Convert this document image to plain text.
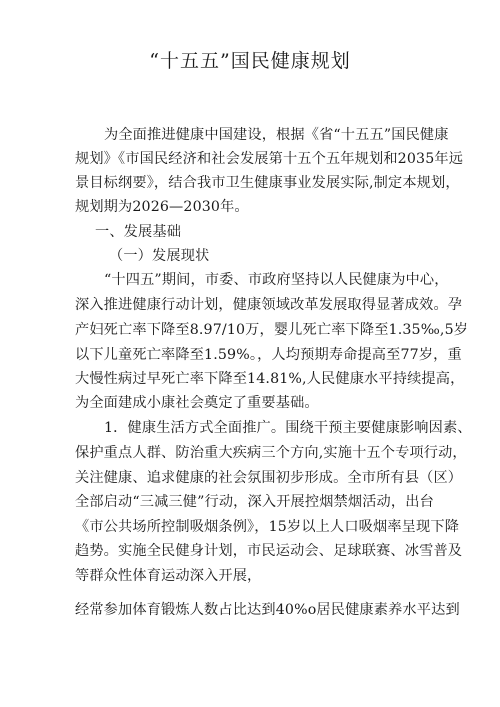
“十五五”国民健康规划
为全面推进健康中国建设，根据《省“十五五”国民健康
规划》《市国民经济和社会发展第十五个五年规划和2035年远
景目标纲要》，结合我市卫生健康事业发展实际,制定本规划，
规划期为2026—2030年。
一、发展基础
（一）发展现状
“十四五”期间，市委、市政府坚持以人民健康为中心，
深入推进健康行动计划，健康领域改革发展取得显著成效。孕
产妇死亡率下降至8.97/10万，婴儿死亡率下降至1.35‰,5岁
以下儿童死亡率降至1.59%。，人均预期寿命提高至77岁，重
大慢性病过早死亡率下降至14.81%,人民健康水平持续提高，
为全面建成小康社会奠定了重要基础。
1．健康生活方式全面推广。围绕干预主要健康影响因素、
保护重点人群、防治重大疾病三个方向,实施十五个专项行动，
关注健康、追求健康的社会氛围初步形成。全市所有县（区）
全部启动“三减三健”行动，深入开展控烟禁烟活动，出台
《市公共场所控制吸烟条例》，15岁以上人口吸烟率呈现下降
趋势。实施全民健身计划，市民运动会、足球联赛、冰雪普及
等群众性体育运动深入开展，
经常参加体育锻炼人数占比达到40%o居民健康素养水平达到
